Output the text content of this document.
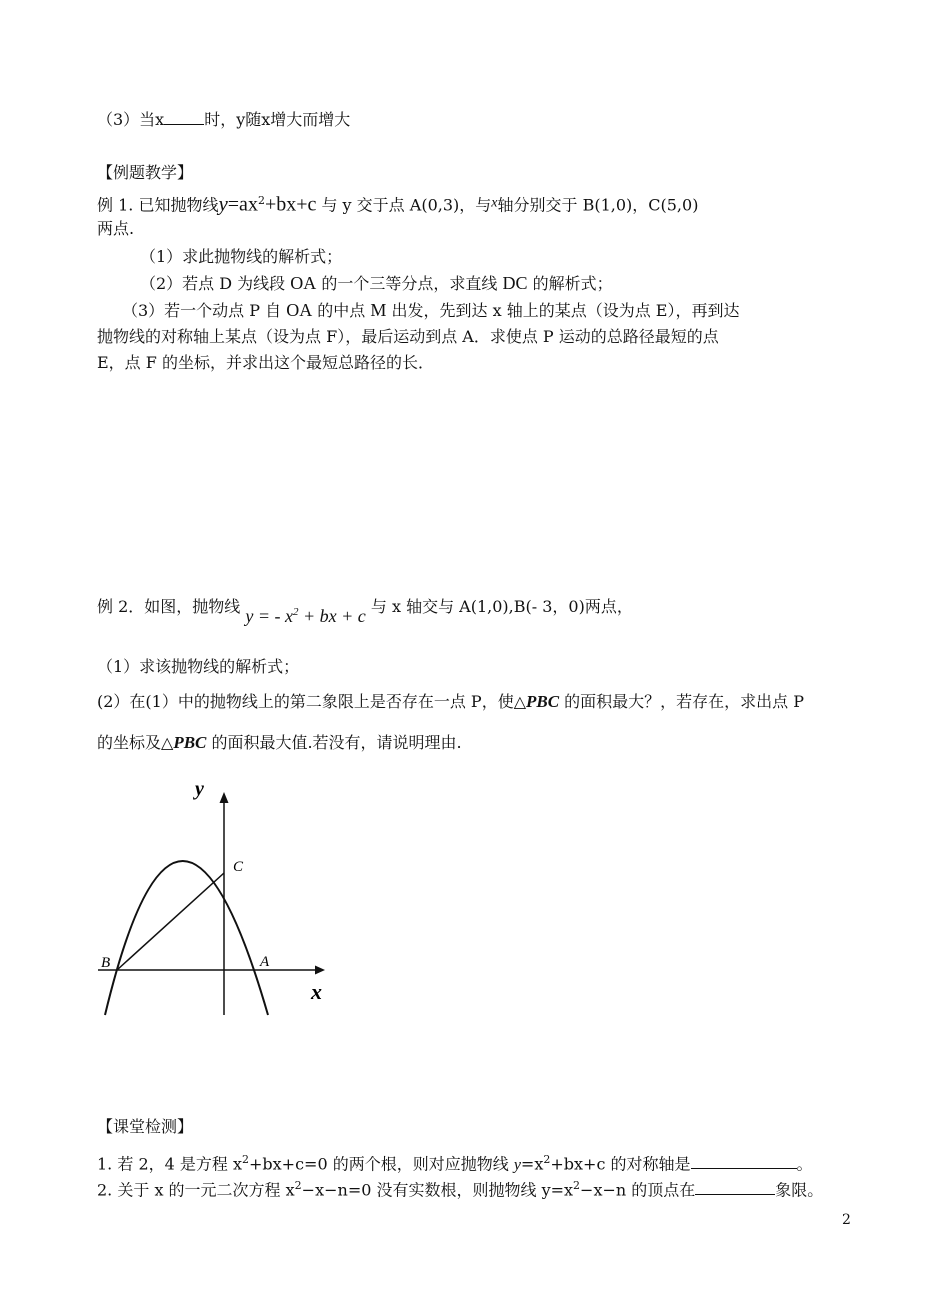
（3）当x	时，y随x增大而增大
【例题教学】
例 1. 已知抛物线$y=ax^2+bx+c$ 与 y 交于点 A(0,3)，与x轴分别交于 B(1,0)，C(5,0)
两点.
（1）求此抛物线的解析式；
（2）若点 D 为线段 OA 的一个三等分点，求直线 DC 的解析式；
（3）若一个动点 P 自 OA 的中点 M 出发，先到达 x 轴上的某点（设为点 E），再到达
抛物线的对称轴上某点（设为点 F），最后运动到点 A．求使点 P 运动的总路径最短的点
E，点 F 的坐标，并求出这个最短总路径的长．
例 2．如图，抛物线 y = - $x^2$ + bx + c 与 x 轴交与 A(1,0),B(- 3，0)两点，
（1）求该抛物线的解析式；
(2）在(1）中的抛物线上的第二象限上是否存在一点 P，使△PBC 的面积最大？，若存在，求出点 P
的坐标及△PBC 的面积最大值.若没有，请说明理由.
y
x
C
B	A
【课堂检测】
1. 若 2，4 是方程 $x^2+bx+c=0$ 的两个根，则对应抛物线 $y=x^2+bx+c$ 的对称轴是	。
2. 关于 x 的一元二次方程 $x^2-x-n=0$ 没有实数根，则抛物线 $y=x^2-x-n$ 的顶点在	象限。
2
